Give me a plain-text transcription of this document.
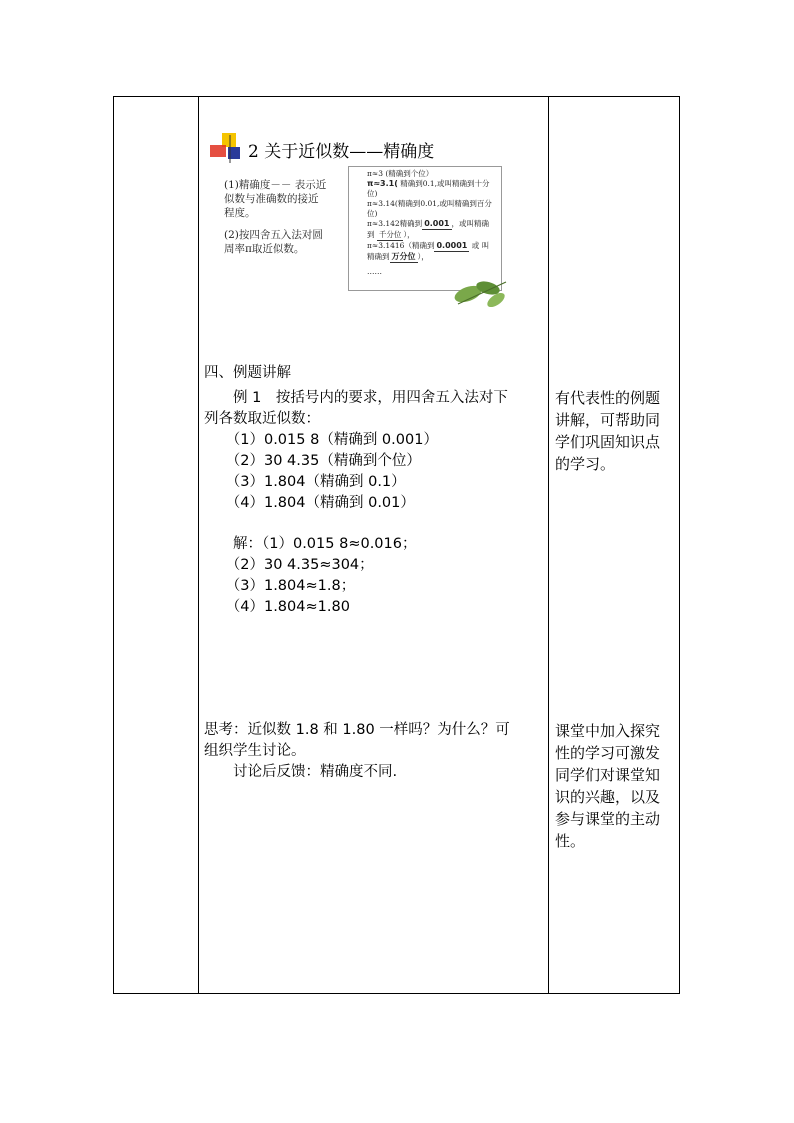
2 关于近似数——精确度
(1)精确度－－ 表示近
似数与准确数的接近
程度。
(2)按四舍五入法对圆
周率π取近似数。
π≈3 (精确到个位）
π≈3.1( 精确到0.1,或叫精确到十分
位)
π≈3.14(精确到0.01,或叫精确到百分
位)
π≈3.142精确到 0.001 ，或叫精确
到 千分位 ），
π≈3.1416（精确到 0.0001 或 叫
精确到 万分位 ），
……
四、例题讲解
　　例 1　按括号内的要求，用四舍五入法对下
列各数取近似数：
　　（1）0.015 8（精确到 0.001）
　　（2）30 4.35（精确到个位）
　　（3）1.804（精确到 0.1）
　　（4）1.804（精确到 0.01）
　　解：（1）0.015 8≈0.016；
　　（2）30 4.35≈304；
　　（3）1.804≈1.8；
　　（4）1.804≈1.80
思考：近似数 1.8 和 1.80 一样吗？为什么？可
组织学生讨论。
　　讨论后反馈：精确度不同.
有代表性的例题
讲解，可帮助同
学们巩固知识点
的学习。
课堂中加入探究
性的学习可激发
同学们对课堂知
识的兴趣，以及
参与课堂的主动
性。
